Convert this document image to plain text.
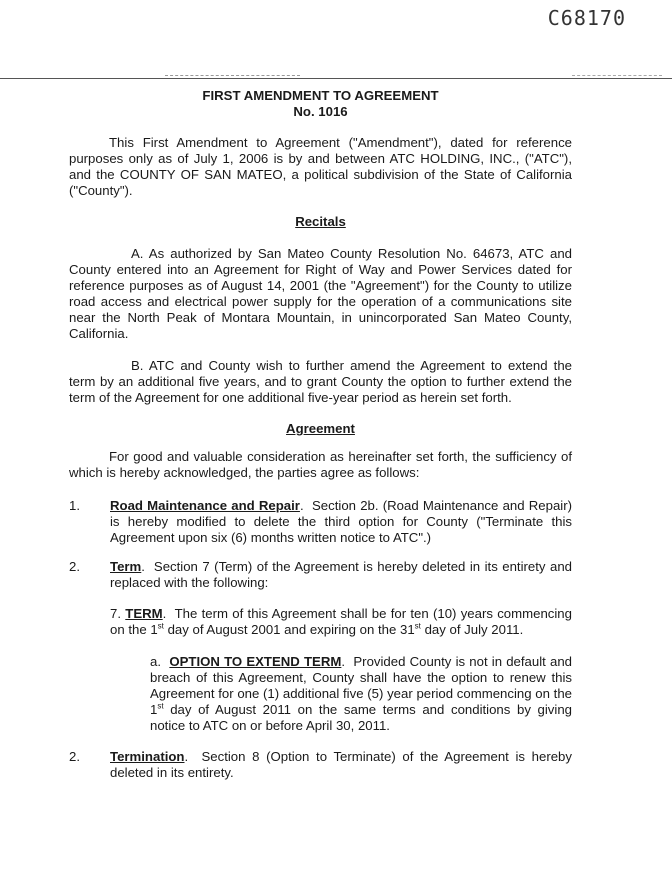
C68170

FIRST AMENDMENT TO AGREEMENT

No. 1016

This First Amendment to Agreement ("Amendment"), dated for reference purposes only as of July 1, 2006 is by and between ATC HOLDING, INC., ("ATC"), and the COUNTY OF SAN MATEO, a political subdivision of the State of California ("County").

Recitals

A. As authorized by San Mateo County Resolution No. 64673, ATC and County entered into an Agreement for Right of Way and Power Services dated for reference purposes as of August 14, 2001 (the "Agreement") for the County to utilize road access and electrical power supply for the operation of a communications site near the North Peak of Montara Mountain, in unincorporated San Mateo County, California.

B. ATC and County wish to further amend the Agreement to extend the term by an additional five years, and to grant County the option to further extend the term of the Agreement for one additional five-year period as herein set forth.

Agreement

For good and valuable consideration as hereinafter set forth, the sufficiency of which is hereby acknowledged, the parties agree as follows:

1.	Road Maintenance and Repair.  Section 2b. (Road Maintenance and Repair) is hereby modified to delete the third option for County ("Terminate this Agreement upon six (6) months written notice to ATC".)
2.	Term.  Section 7 (Term) of the Agreement is hereby deleted in its entirety and replaced with the following:

7. TERM.  The term of this Agreement shall be for ten (10) years commencing on the 1st day of August 2001 and expiring on the 31st day of July 2011.

a. OPTION TO EXTEND TERM.  Provided County is not in default and breach of this Agreement, County shall have the option to renew this Agreement for one (1) additional five (5) year period commencing on the 1st day of August 2011 on the same terms and conditions by giving notice to ATC on or before April 30, 2011.

2.	Termination.  Section 8 (Option to Terminate) of the Agreement is hereby deleted in its entirety.
